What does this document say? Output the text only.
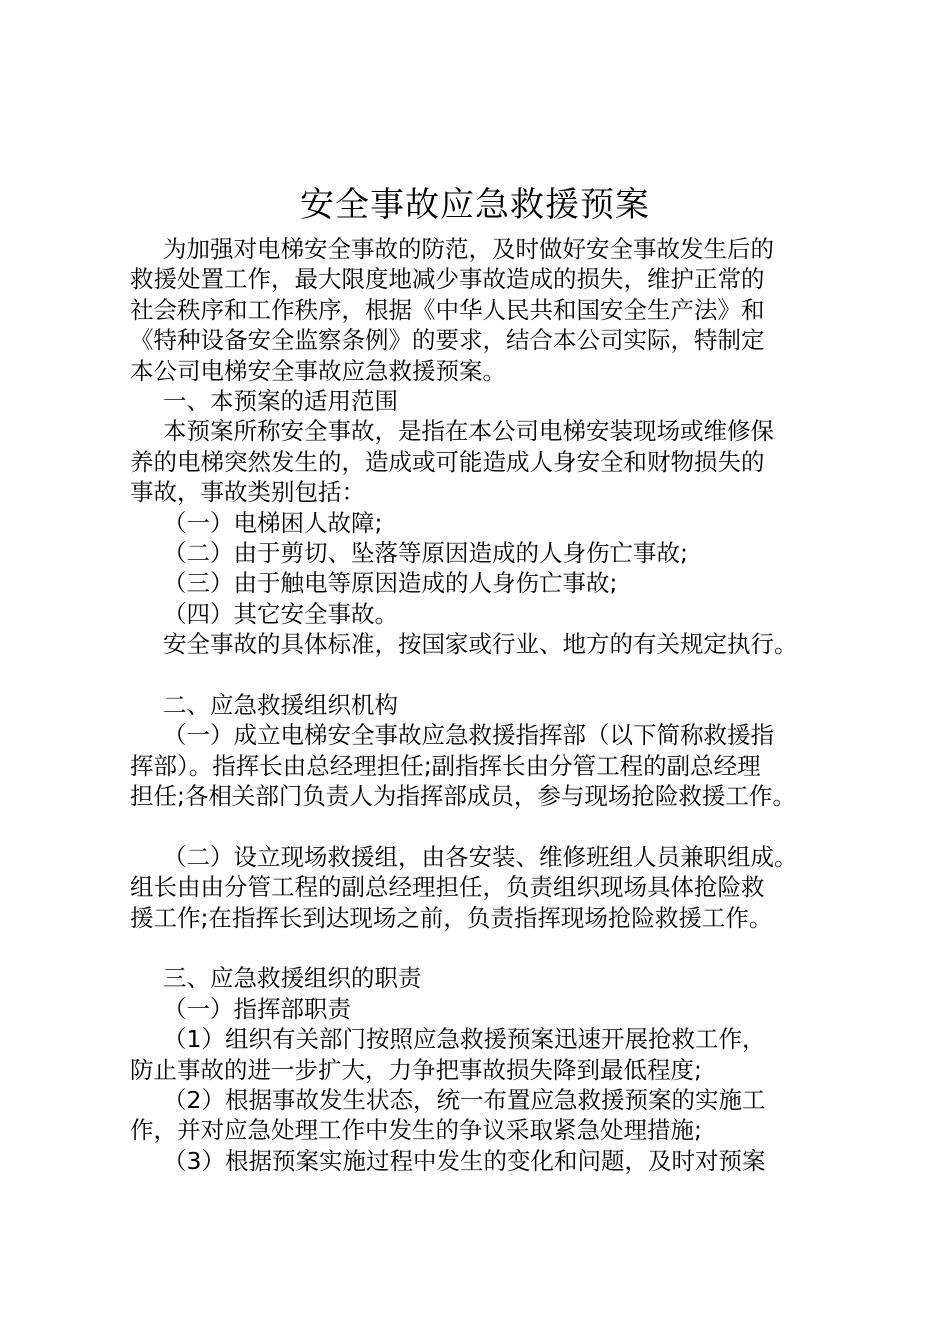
安全事故应急救援预案

为加强对电梯安全事故的防范，及时做好安全事故发生后的

救援处置工作，最大限度地减少事故造成的损失，维护正常的

社会秩序和工作秩序，根据《中华人民共和国安全生产法》和

《特种设备安全监察条例》的要求，结合本公司实际，特制定

本公司电梯安全事故应急救援预案。

一、本预案的适用范围

本预案所称安全事故，是指在本公司电梯安装现场或维修保

养的电梯突然发生的，造成或可能造成人身安全和财物损失的

事故，事故类别包括：

（一）电梯困人故障;

（二）由于剪切、坠落等原因造成的人身伤亡事故;

（三）由于触电等原因造成的人身伤亡事故;

（四）其它安全事故。

安全事故的具体标准，按国家或行业、地方的有关规定执行。

二、应急救援组织机构

（一）成立电梯安全事故应急救援指挥部（以下简称救援指

挥部）。指挥长由总经理担任;副指挥长由分管工程的副总经理

担任;各相关部门负责人为指挥部成员，参与现场抢险救援工作。

（二）设立现场救援组，由各安装、维修班组人员兼职组成。

组长由由分管工程的副总经理担任，负责组织现场具体抢险救

援工作;在指挥长到达现场之前，负责指挥现场抢险救援工作。

三、应急救援组织的职责

（一）指挥部职责

（1）组织有关部门按照应急救援预案迅速开展抢救工作，

防止事故的进一步扩大，力争把事故损失降到最低程度;

（2）根据事故发生状态，统一布置应急救援预案的实施工

作，并对应急处理工作中发生的争议采取紧急处理措施;

（3）根据预案实施过程中发生的变化和问题，及时对预案
